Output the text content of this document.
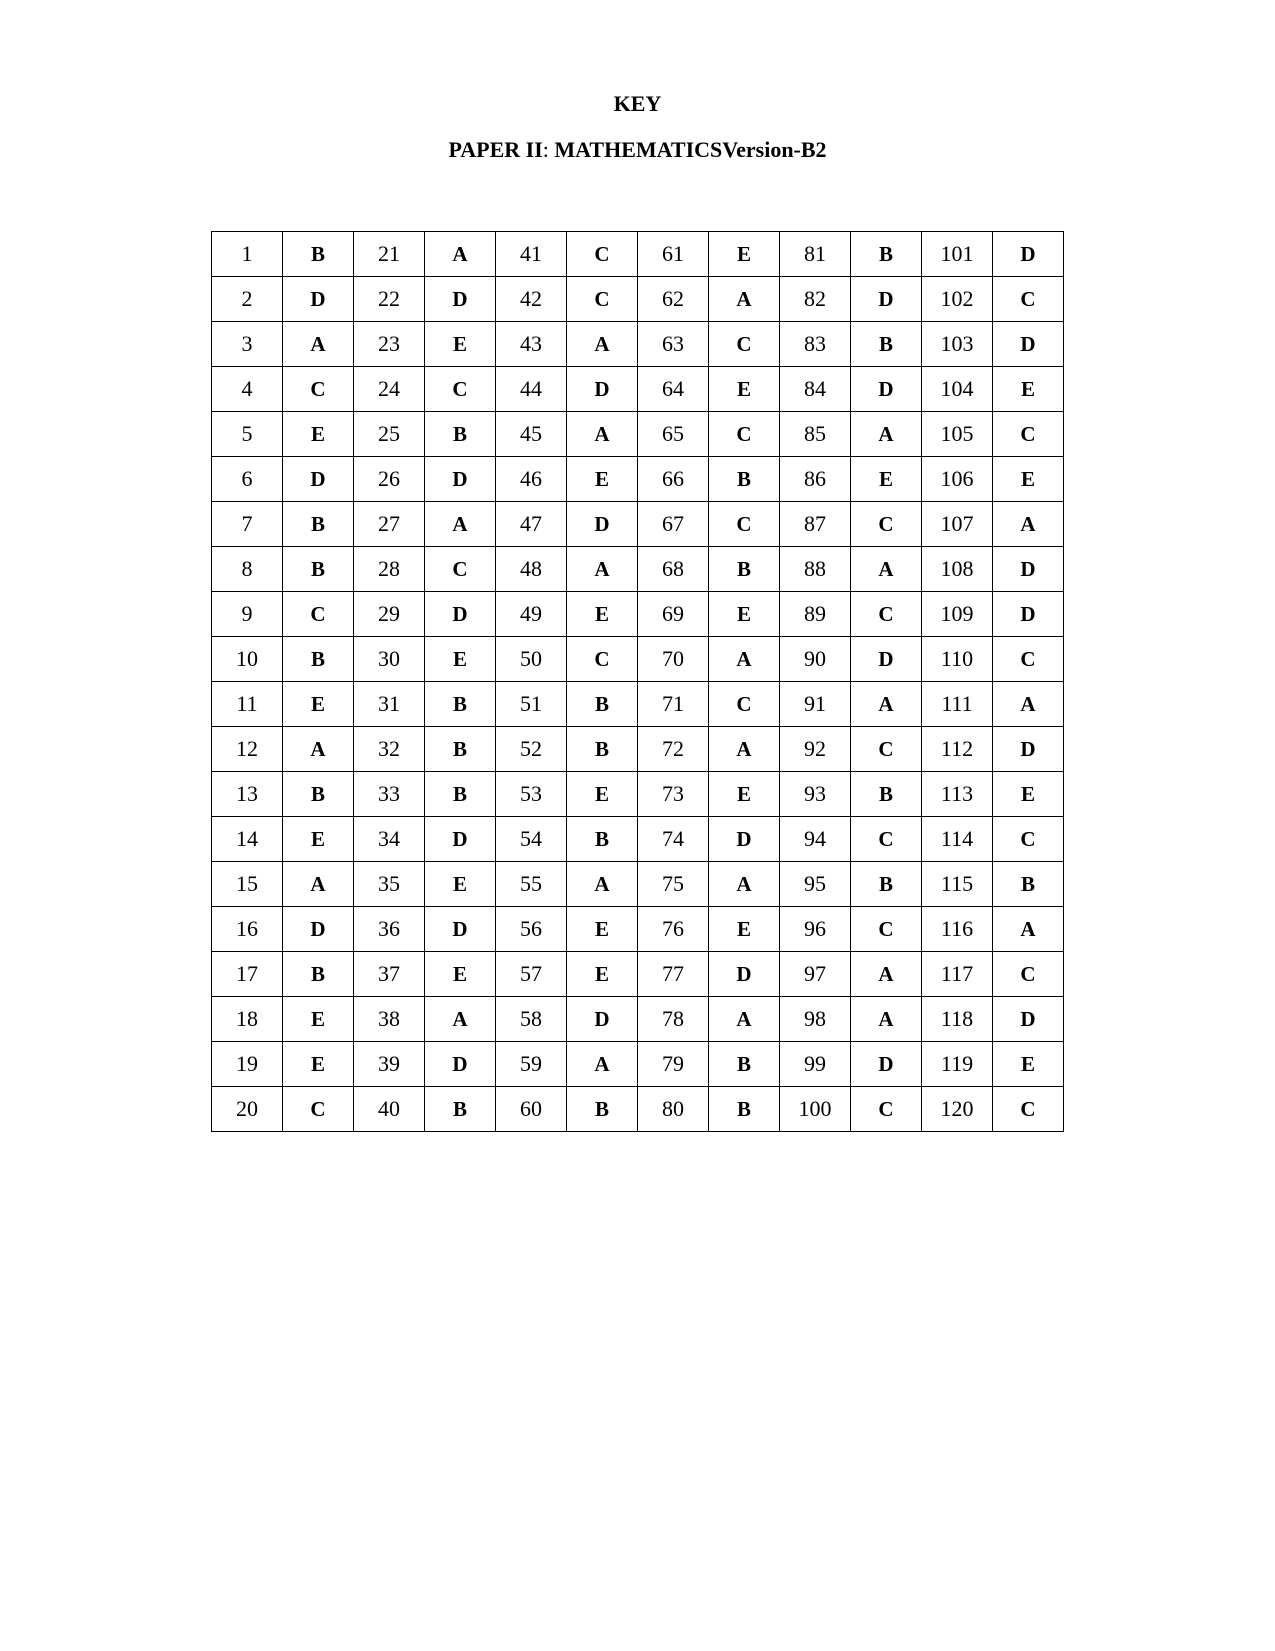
KEY
PAPER II: MATHEMATICSVersion-B2
1	B	21	A	41	C	61	E	81	B	101	D
2	D	22	D	42	C	62	A	82	D	102	C
3	A	23	E	43	A	63	C	83	B	103	D
4	C	24	C	44	D	64	E	84	D	104	E
5	E	25	B	45	A	65	C	85	A	105	C
6	D	26	D	46	E	66	B	86	E	106	E
7	B	27	A	47	D	67	C	87	C	107	A
8	B	28	C	48	A	68	B	88	A	108	D
9	C	29	D	49	E	69	E	89	C	109	D
10	B	30	E	50	C	70	A	90	D	110	C
11	E	31	B	51	B	71	C	91	A	111	A
12	A	32	B	52	B	72	A	92	C	112	D
13	B	33	B	53	E	73	E	93	B	113	E
14	E	34	D	54	B	74	D	94	C	114	C
15	A	35	E	55	A	75	A	95	B	115	B
16	D	36	D	56	E	76	E	96	C	116	A
17	B	37	E	57	E	77	D	97	A	117	C
18	E	38	A	58	D	78	A	98	A	118	D
19	E	39	D	59	A	79	B	99	D	119	E
20	C	40	B	60	B	80	B	100	C	120	C
